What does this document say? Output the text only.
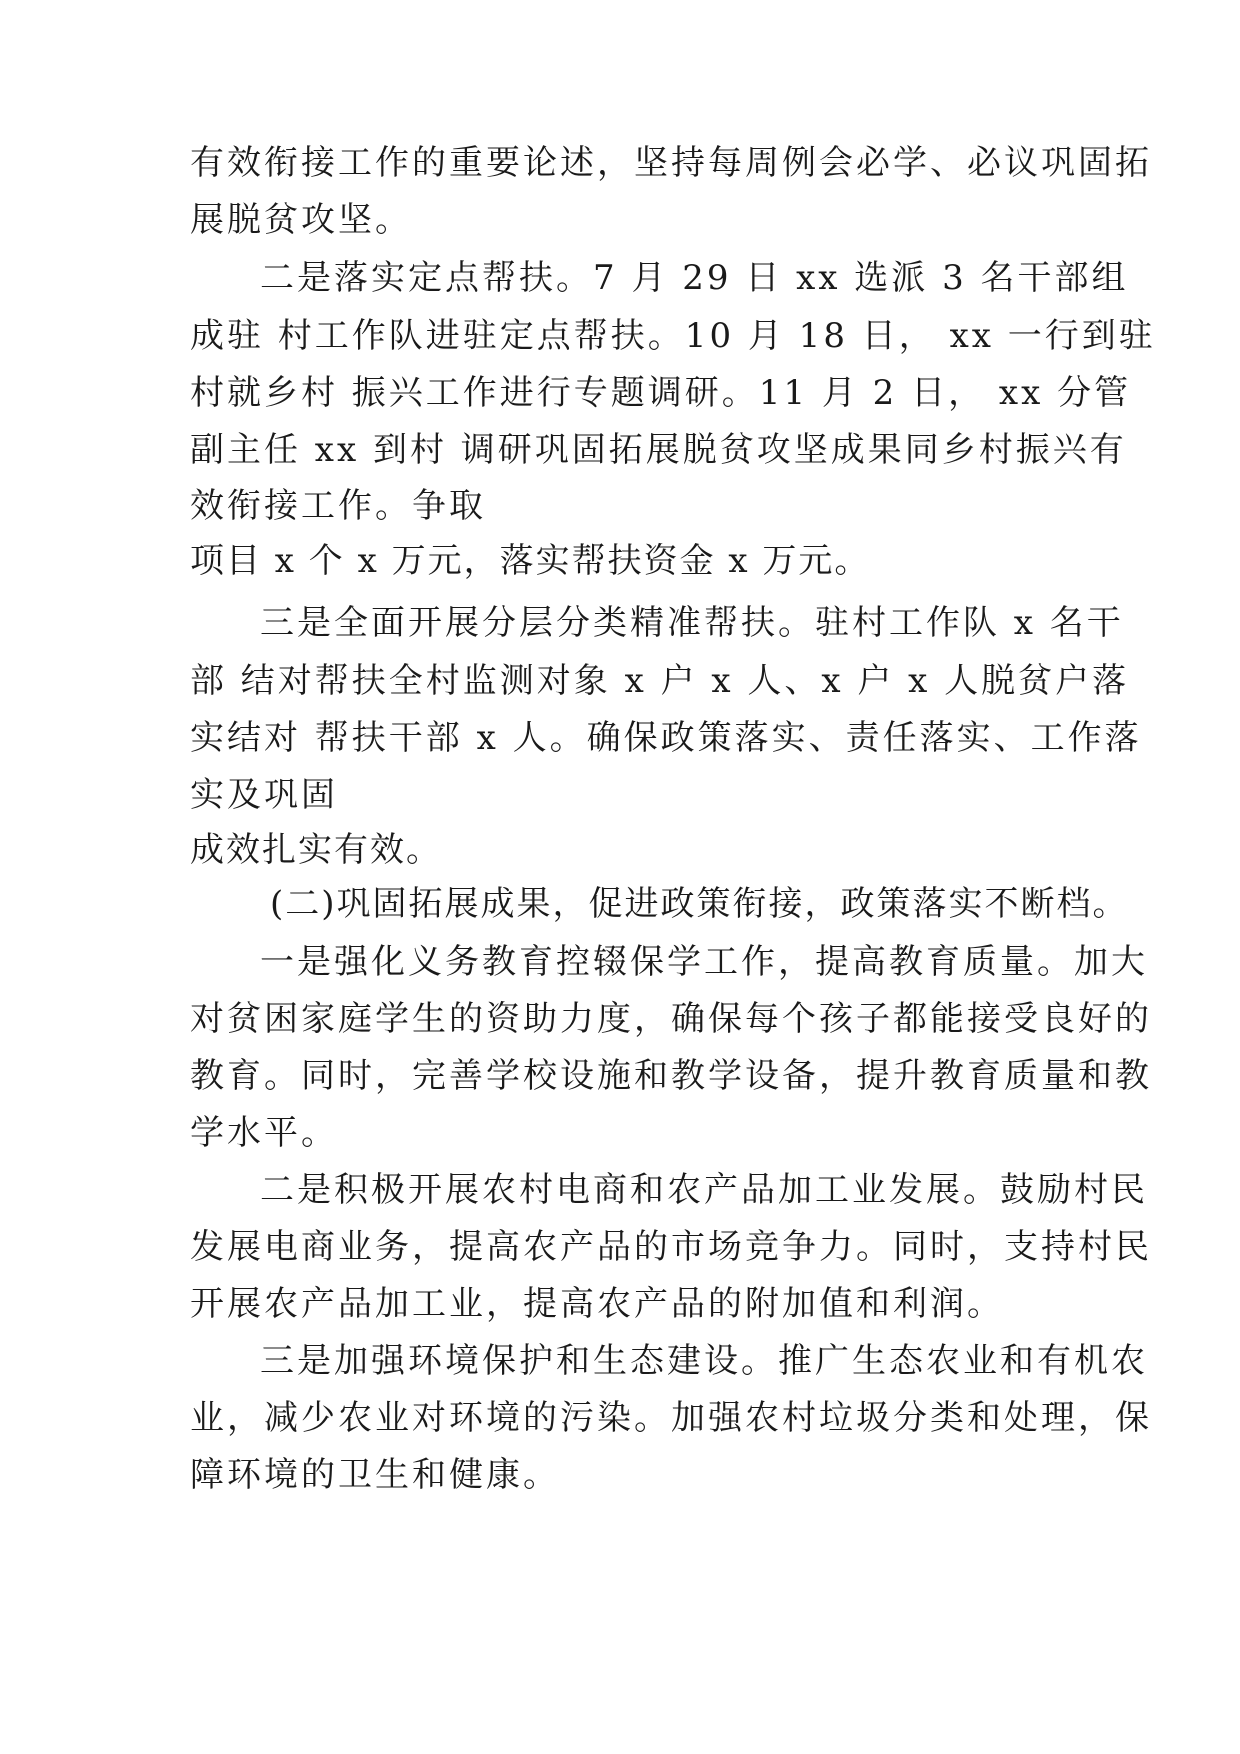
有效衔接工作的重要论述，坚持每周例会必学、必议巩固拓

展脱贫攻坚。

二是落实定点帮扶。7 月 29 日 xx 选派 3 名干部组

成驻 村工作队进驻定点帮扶。10 月 18 日， xx 一行到驻

村就乡村 振兴工作进行专题调研。11 月 2 日， xx 分管

副主任 xx 到村 调研巩固拓展脱贫攻坚成果同乡村振兴有

效衔接工作。争取

项目 x 个 x 万元，落实帮扶资金 x 万元。

三是全面开展分层分类精准帮扶。驻村工作队 x 名干

部 结对帮扶全村监测对象 x 户 x 人、x 户 x 人脱贫户落

实结对 帮扶干部 x 人。确保政策落实、责任落实、工作落

实及巩固

成效扎实有效。

(二)巩固拓展成果，促进政策衔接，政策落实不断档。

一是强化义务教育控辍保学工作，提高教育质量。加大

对贫困家庭学生的资助力度，确保每个孩子都能接受良好的

教育。同时，完善学校设施和教学设备，提升教育质量和教

学水平。

二是积极开展农村电商和农产品加工业发展。鼓励村民

发展电商业务，提高农产品的市场竞争力。同时，支持村民

开展农产品加工业，提高农产品的附加值和利润。

三是加强环境保护和生态建设。推广生态农业和有机农

业，减少农业对环境的污染。加强农村垃圾分类和处理，保

障环境的卫生和健康。
